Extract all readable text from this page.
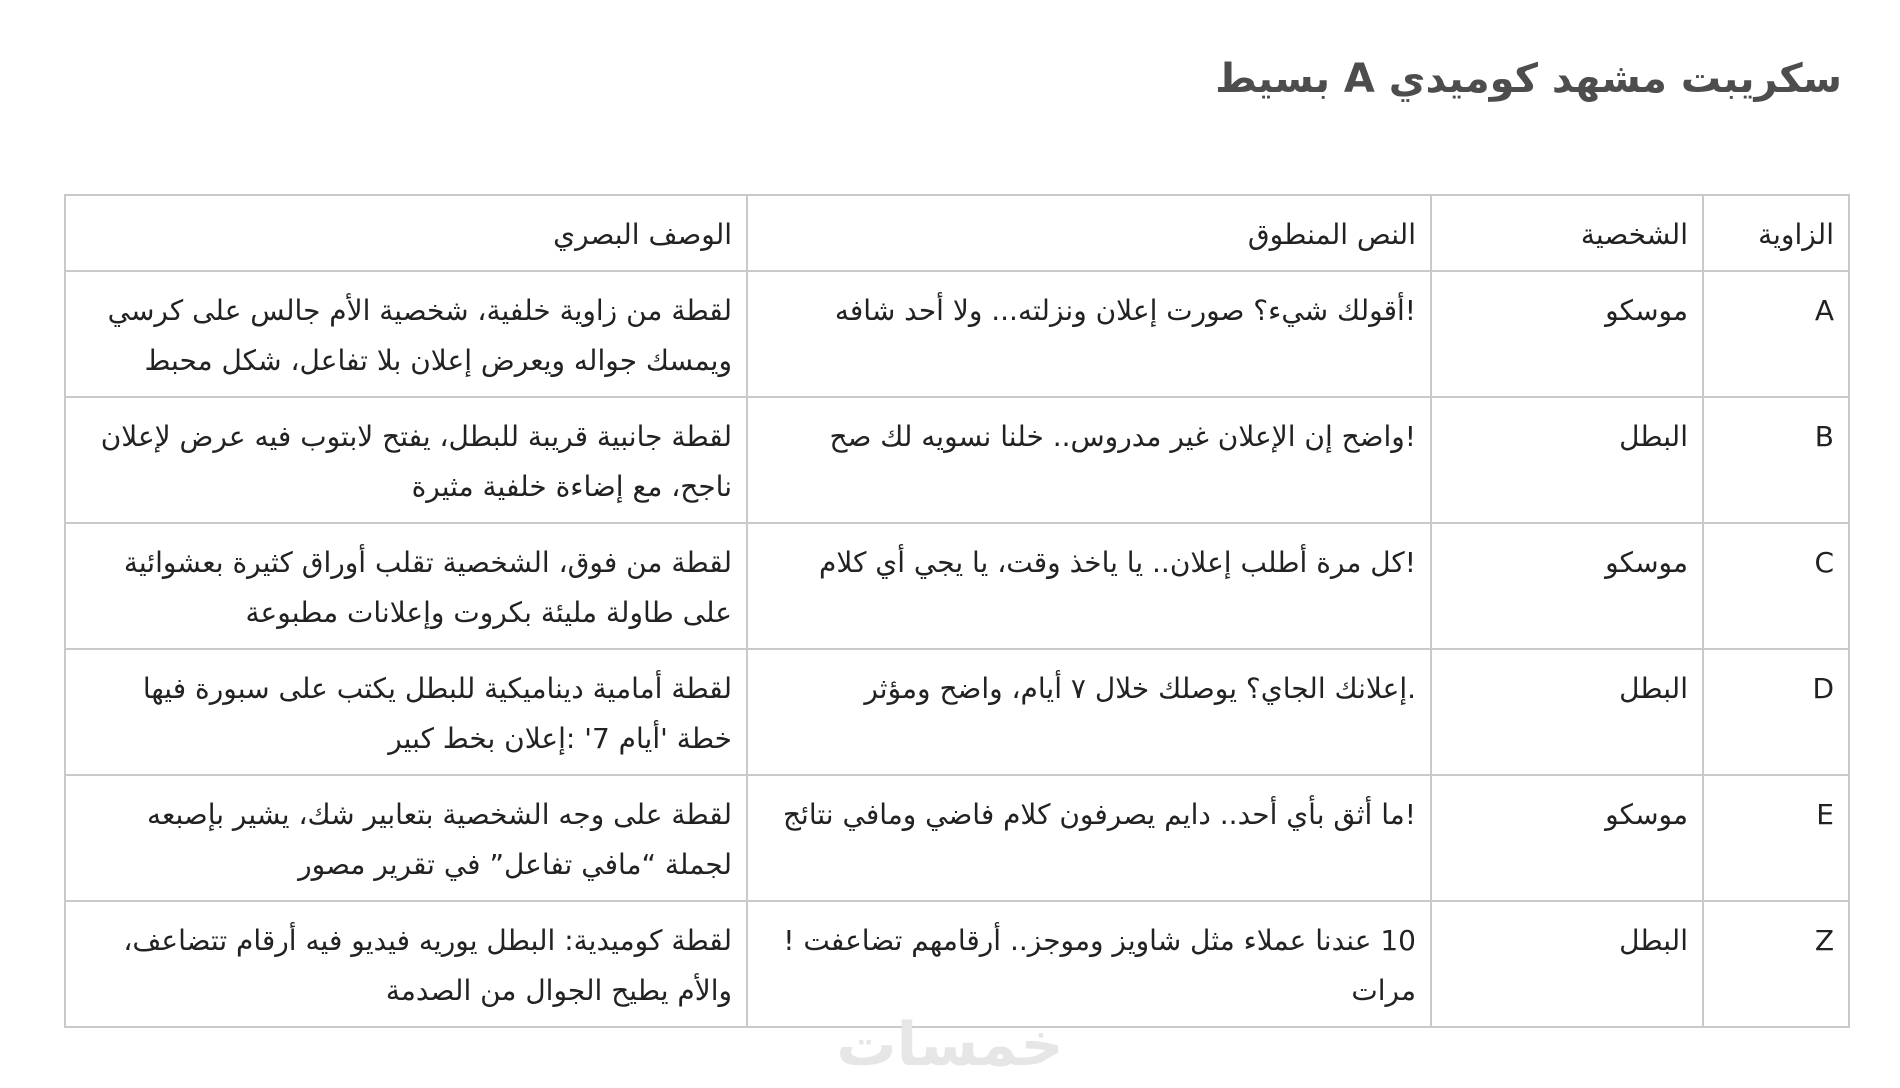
سكريبت مشهد كوميدي A بسيط
الزاوية	الشخصية	النص المنطوق	الوصف البصري
A	موسكو	!أقولك شيء؟ صورت إعلان ونزلته... ولا أحد شافه	لقطة من زاوية خلفية، شخصية الأم جالس على كرسي ويمسك جواله ويعرض إعلان بلا تفاعل، شكل محبط
B	البطل	!واضح إن الإعلان غير مدروس.. خلنا نسويه لك صح	لقطة جانبية قريبة للبطل، يفتح لابتوب فيه عرض لإعلان ناجح، مع إضاءة خلفية مثيرة
C	موسكو	!كل مرة أطلب إعلان.. يا ياخذ وقت، يا يجي أي كلام	لقطة من فوق، الشخصية تقلب أوراق كثيرة بعشوائية على طاولة مليئة بكروت وإعلانات مطبوعة
D	البطل	.إعلانك الجاي؟ يوصلك خلال ٧ أيام، واضح ومؤثر	لقطة أمامية ديناميكية للبطل يكتب على سبورة فيها خطة 'أيام 7' :إعلان بخط كبير
E	موسكو	!ما أثق بأي أحد.. دايم يصرفون كلام فاضي ومافي نتائج	لقطة على وجه الشخصية بتعابير شك، يشير بإصبعه لجملة “مافي تفاعل” في تقرير مصور
Z	البطل	10 عندنا عملاء مثل شاويز وموجز.. أرقامهم تضاعفت !مرات	لقطة كوميدية: البطل يوريه فيديو فيه أرقام تتضاعف، والأم يطيح الجوال من الصدمة
خمسات
